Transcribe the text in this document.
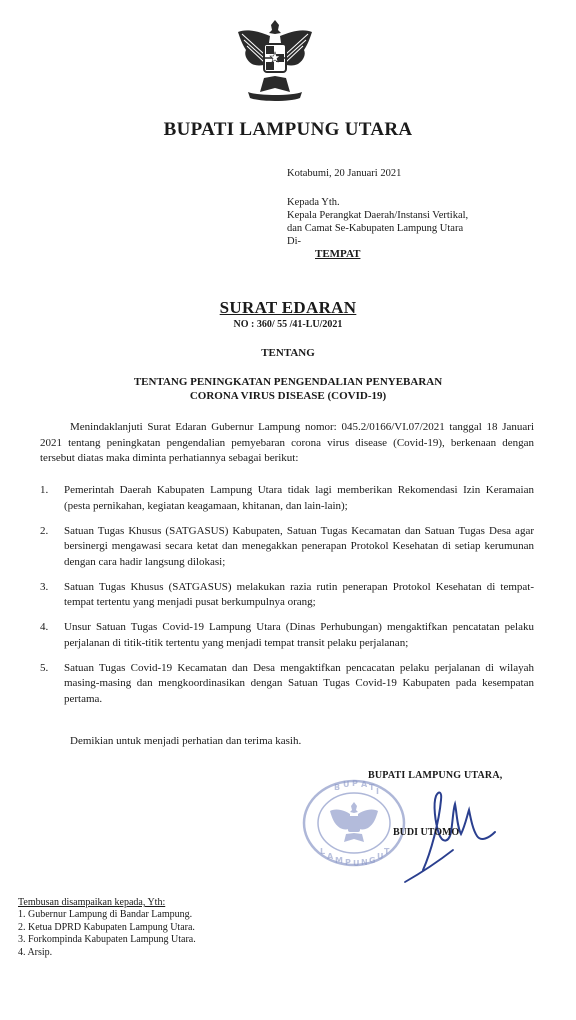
BUPATI LAMPUNG UTARA
Kotabumi, 20 Januari 2021
Kepada Yth.
Kepala Perangkat Daerah/Instansi Vertikal,
dan Camat Se-Kabupaten Lampung Utara
Di-
TEMPAT
SURAT EDARAN
NO : 360/ 55 /41-LU/2021
TENTANG
TENTANG PENINGKATAN PENGENDALIAN PENYEBARAN
CORONA VIRUS DISEASE (COVID-19)
Menindaklanjuti Surat Edaran Gubernur Lampung nomor: 045.2/0166/VI.07/2021 tanggal 18 Januari 2021 tentang peningkatan pengendalian pemyebaran corona virus disease (Covid-19), berkenaan dengan tersebut diatas maka diminta perhatiannya sebagai berikut:
1. Pemerintah Daerah Kabupaten Lampung Utara tidak lagi memberikan Rekomendasi Izin Keramaian (pesta pernikahan, kegiatan keagamaan, khitanan, dan lain-lain);
2. Satuan Tugas Khusus (SATGASUS) Kabupaten, Satuan Tugas Kecamatan dan Satuan Tugas Desa agar bersinergi mengawasi secara ketat dan menegakkan penerapan Protokol Kesehatan di setiap kerumunan dengan cara hadir langsung dilokasi;
3. Satuan Tugas Khusus (SATGASUS) melakukan razia rutin penerapan Protokol Kesehatan di tempat-tempat tertentu yang menjadi pusat berkumpulnya orang;
4. Unsur Satuan Tugas Covid-19 Lampung Utara (Dinas Perhubungan) mengaktifkan pencatatan pelaku perjalanan di titik-titik tertentu yang menjadi tempat transit pelaku perjalanan;
5. Satuan Tugas Covid-19 Kecamatan dan Desa mengaktifkan pencacatan pelaku perjalanan di wilayah masing-masing dan mengkoordinasikan dengan Satuan Tugas Covid-19 Kabupaten pada kesempatan pertama.
Demikian untuk menjadi perhatian dan terima kasih.
BUPATI LAMPUNG UTARA,
B U P A T I
L
A M P U N G U
T
BUDI UTOMO
Tembusan disampaikan kepada, Yth:
1. Gubernur Lampung di Bandar Lampung.
2. Ketua DPRD Kabupaten Lampung Utara.
3. Forkompinda Kabupaten Lampung Utara.
4. Arsip.
